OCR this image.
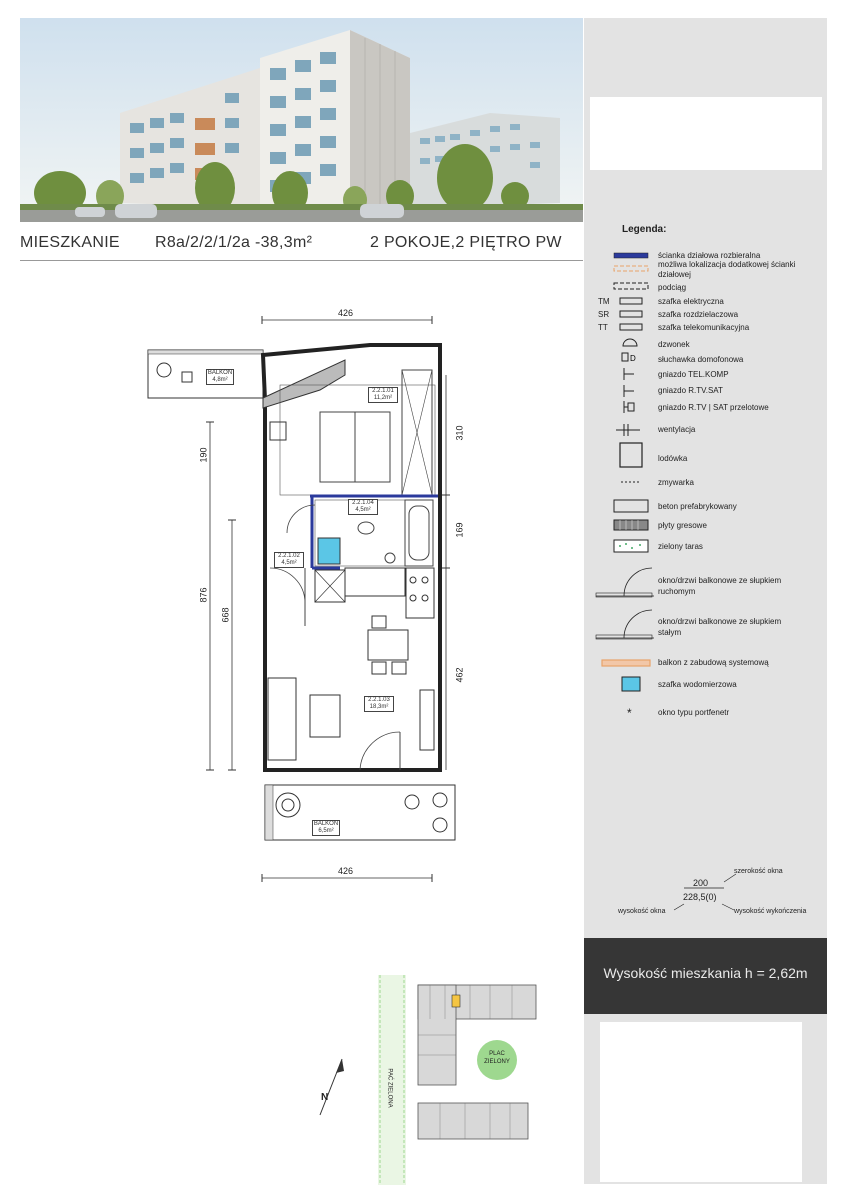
MIESZKANIE R8a/2/2/1/2a -38,3m²	2 POKOJE,2 PIĘTRO PW
426
426
190
876
668
310
169
462
2.2.1.01
11,2m²
2.2.1.04
4,5m²
2.2.1.02
4,5m²
2.2.1.03
18,3m²
BALKON
4,8m²
BALKON
6,5m²
Legenda:
D
TM
SR
TT
*
ścianka działowa rozbieralna
możliwa lokalizacja dodatkowej ścianki działowej
podciąg
szafka elektryczna
szafka rozdzielaczowa
szafka telekomunikacyjna
dzwonek
słuchawka domofonowa
gniazdo TEL.KOMP
gniazdo R.TV.SAT
gniazdo R.TV | SAT przelotowe
wentylacja
lodówka
zmywarka
beton prefabrykowany
płyty gresowe
zielony taras
okno/drzwi balkonowe ze słupkiem ruchomym
okno/drzwi balkonowe ze słupkiem stałym
balkon z zabudową systemową
szafka wodomierzowa
okno typu portfenetr
200
228,5(0)
szerokość okna
wysokość okna	wysokość wykończenia
Wysokość mieszkania h = 2,62m
PLAC ZIELONY
PAĆ ZIELONA
N
